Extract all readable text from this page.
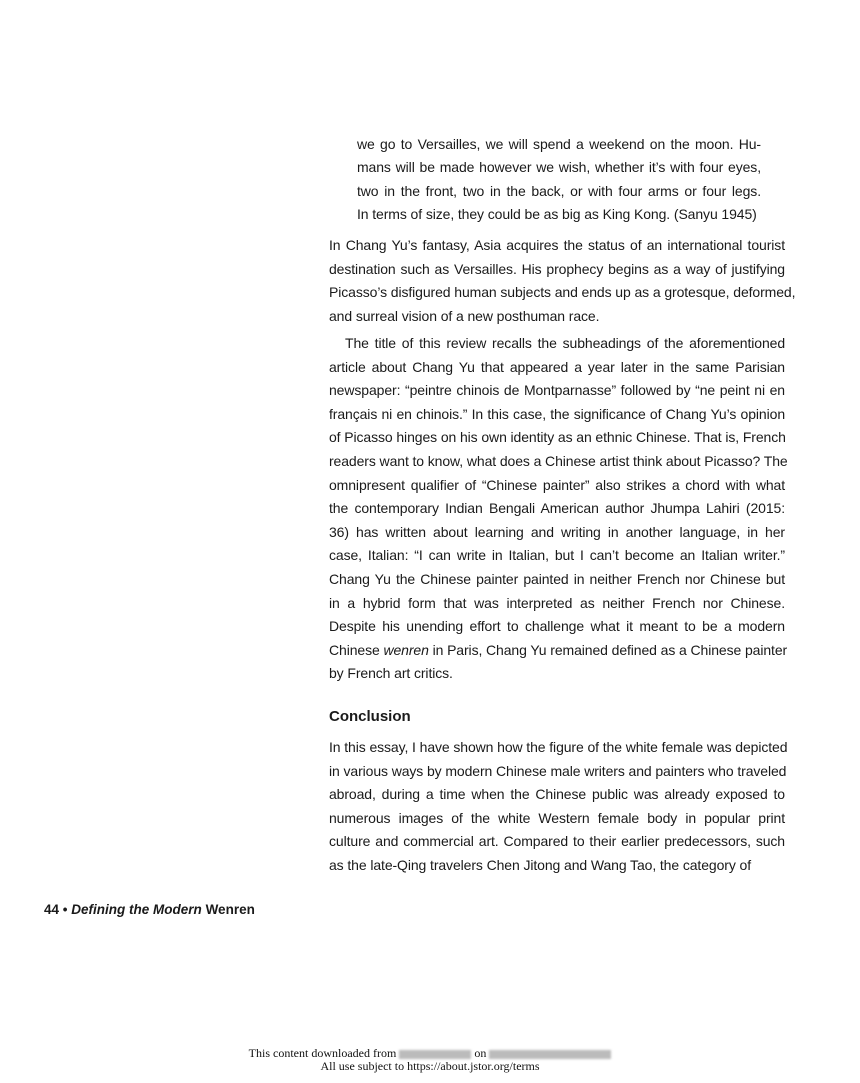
we go to Versailles, we will spend a weekend on the moon. Hu-
mans will be made however we wish, whether it’s with four eyes,
two in the front, two in the back, or with four arms or four legs.
In terms of size, they could be as big as King Kong. (Sanyu 1945)
In Chang Yu’s fantasy, Asia acquires the status of an international tourist
destination such as Versailles. His prophecy begins as a way of justifying
Picasso’s disfigured human subjects and ends up as a grotesque, deformed,
and surreal vision of a new posthuman race.
The title of this review recalls the subheadings of the aforementioned
article about Chang Yu that appeared a year later in the same Parisian
newspaper: “peintre chinois de Montparnasse” followed by “ne peint ni en
français ni en chinois.” In this case, the significance of Chang Yu’s opinion
of Picasso hinges on his own identity as an ethnic Chinese. That is, French
readers want to know, what does a Chinese artist think about Picasso? The
omnipresent qualifier of “Chinese painter” also strikes a chord with what
the contemporary Indian Bengali American author Jhumpa Lahiri (2015:
36) has written about learning and writing in another language, in her
case, Italian: “I can write in Italian, but I can’t become an Italian writer.”
Chang Yu the Chinese painter painted in neither French nor Chinese but
in a hybrid form that was interpreted as neither French nor Chinese.
Despite his unending effort to challenge what it meant to be a modern
Chinese wenren in Paris, Chang Yu remained defined as a Chinese painter
by French art critics.
Conclusion
In this essay, I have shown how the figure of the white female was depicted
in various ways by modern Chinese male writers and painters who traveled
abroad, during a time when the Chinese public was already exposed to
numerous images of the white Western female body in popular print
culture and commercial art. Compared to their earlier predecessors, such
as the late-Qing travelers Chen Jitong and Wang Tao, the category of
44 • Defining the Modern Wenren
This content downloaded from	on
All use subject to https://about.jstor.org/terms
